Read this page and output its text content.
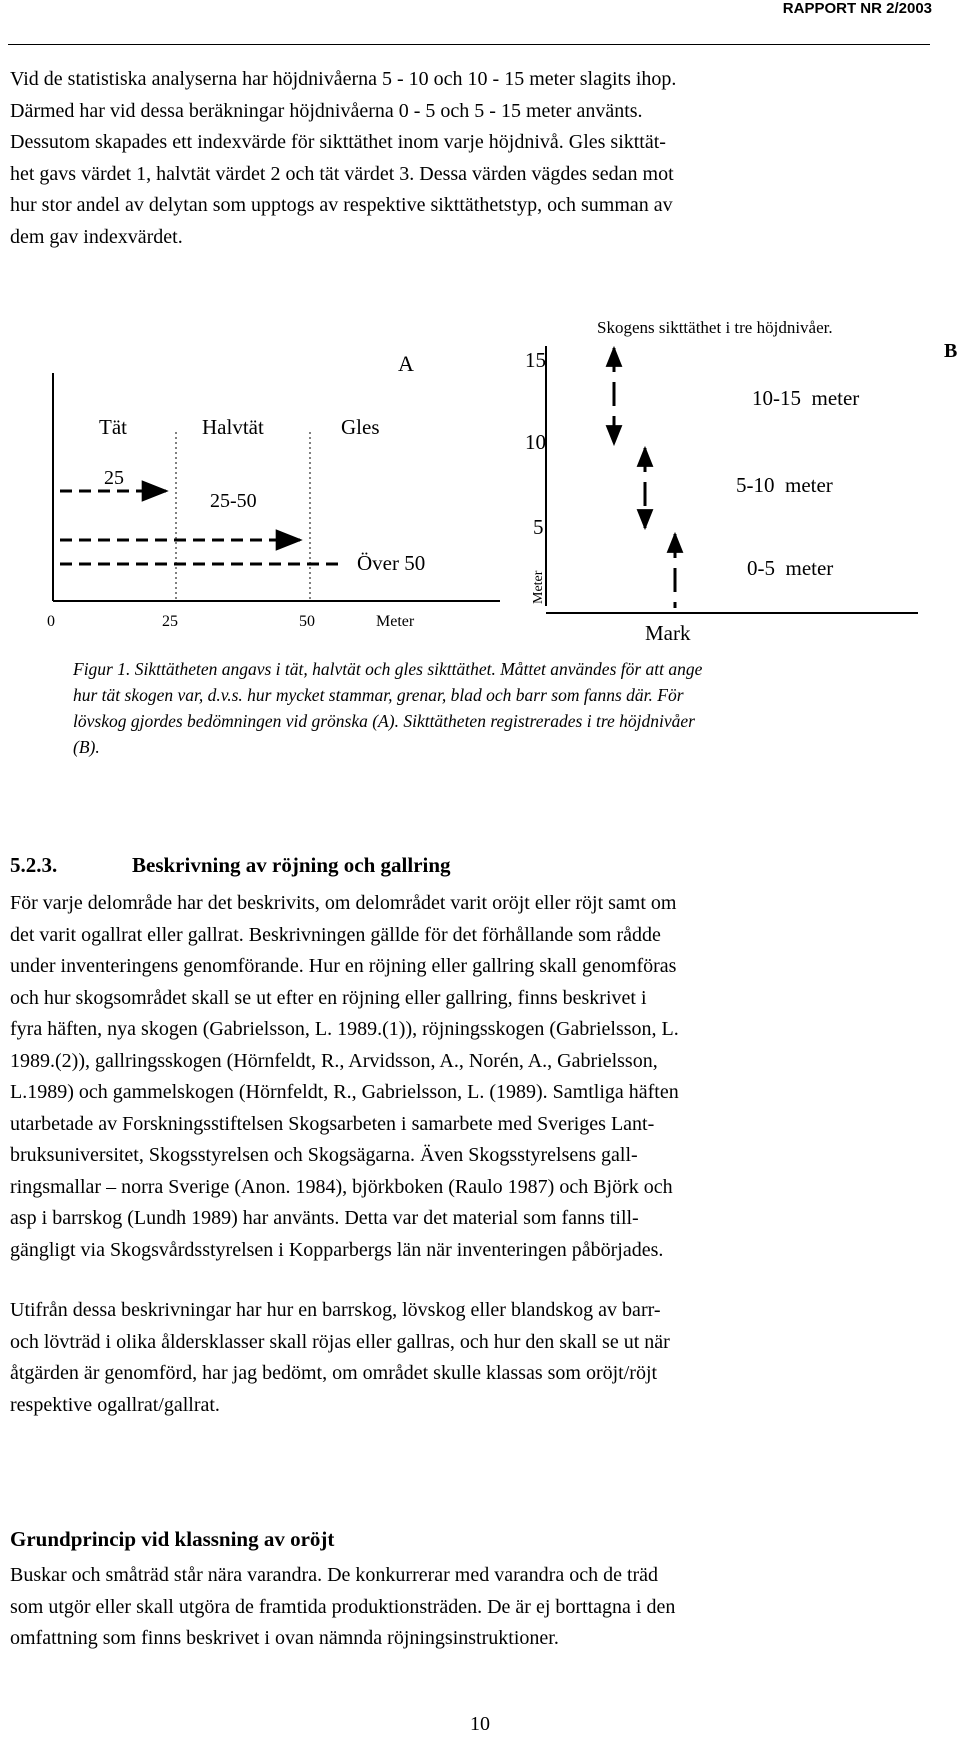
RAPPORT NR 2/2003
Vid de statistiska analyserna har höjdnivåerna 5 - 10 och 10 - 15 meter slagits ihop.
Därmed har vid dessa beräkningar höjdnivåerna 0 - 5 och 5 - 15 meter använts.
Dessutom skapades ett indexvärde för sikttäthet inom varje höjdnivå. Gles sikttät-
het gavs värdet 1, halvtät värdet 2 och tät värdet 3. Dessa värden vägdes sedan mot
hur stor andel av delytan som upptogs av respektive sikttäthetstyp, och summan av
dem gav indexvärdet.
A
Tät	Halvtät	Gles
25
25-50
Över 50
0	25	50	Meter
Skogens sikttäthet i tre höjdnivåer.
B
15
10
5
Meter
10-15  meter
5-10  meter
0-5  meter
Mark
Figur 1. Sikttätheten angavs i tät, halvtät och gles sikttäthet. Måttet användes för att ange
hur tät skogen var, d.v.s. hur mycket stammar, grenar, blad och barr som fanns där. För
lövskog gjordes bedömningen vid grönska (A). Sikttätheten registrerades i tre höjdnivåer
(B).
5.2.3.	Beskrivning av röjning och gallring
För varje delområde har det beskrivits, om delområdet varit oröjt eller röjt samt om
det varit ogallrat eller gallrat. Beskrivningen gällde för det förhållande som rådde
under inventeringens genomförande. Hur en röjning eller gallring skall genomföras
och hur skogsområdet skall se ut efter en röjning eller gallring, finns beskrivet i
fyra häften, nya skogen (Gabrielsson, L. 1989.(1)), röjningsskogen (Gabrielsson, L.
1989.(2)), gallringsskogen (Hörnfeldt, R., Arvidsson, A., Norén, A., Gabrielsson,
L.1989) och gammelskogen (Hörnfeldt, R., Gabrielsson, L. (1989). Samtliga häften
utarbetade av Forskningsstiftelsen Skogsarbeten i samarbete med Sveriges Lant-
bruksuniversitet, Skogsstyrelsen och Skogsägarna. Även Skogsstyrelsens gall-
ringsmallar – norra Sverige (Anon. 1984), björkboken (Raulo 1987) och Björk och
asp i barrskog (Lundh 1989) har använts. Detta var det material som fanns till-
gängligt via Skogsvårdsstyrelsen i Kopparbergs län när inventeringen påbörjades.
Utifrån dessa beskrivningar har hur en barrskog, lövskog eller blandskog av barr-
och lövträd i olika åldersklasser skall röjas eller gallras, och hur den skall se ut när
åtgärden är genomförd, har jag bedömt, om området skulle klassas som oröjt/röjt
respektive ogallrat/gallrat.
Grundprincip vid klassning av oröjt
Buskar och småträd står nära varandra. De konkurrerar med varandra och de träd
som utgör eller skall utgöra de framtida produktionsträden. De är ej borttagna i den
omfattning som finns beskrivet i ovan nämnda röjningsinstruktioner.
10
